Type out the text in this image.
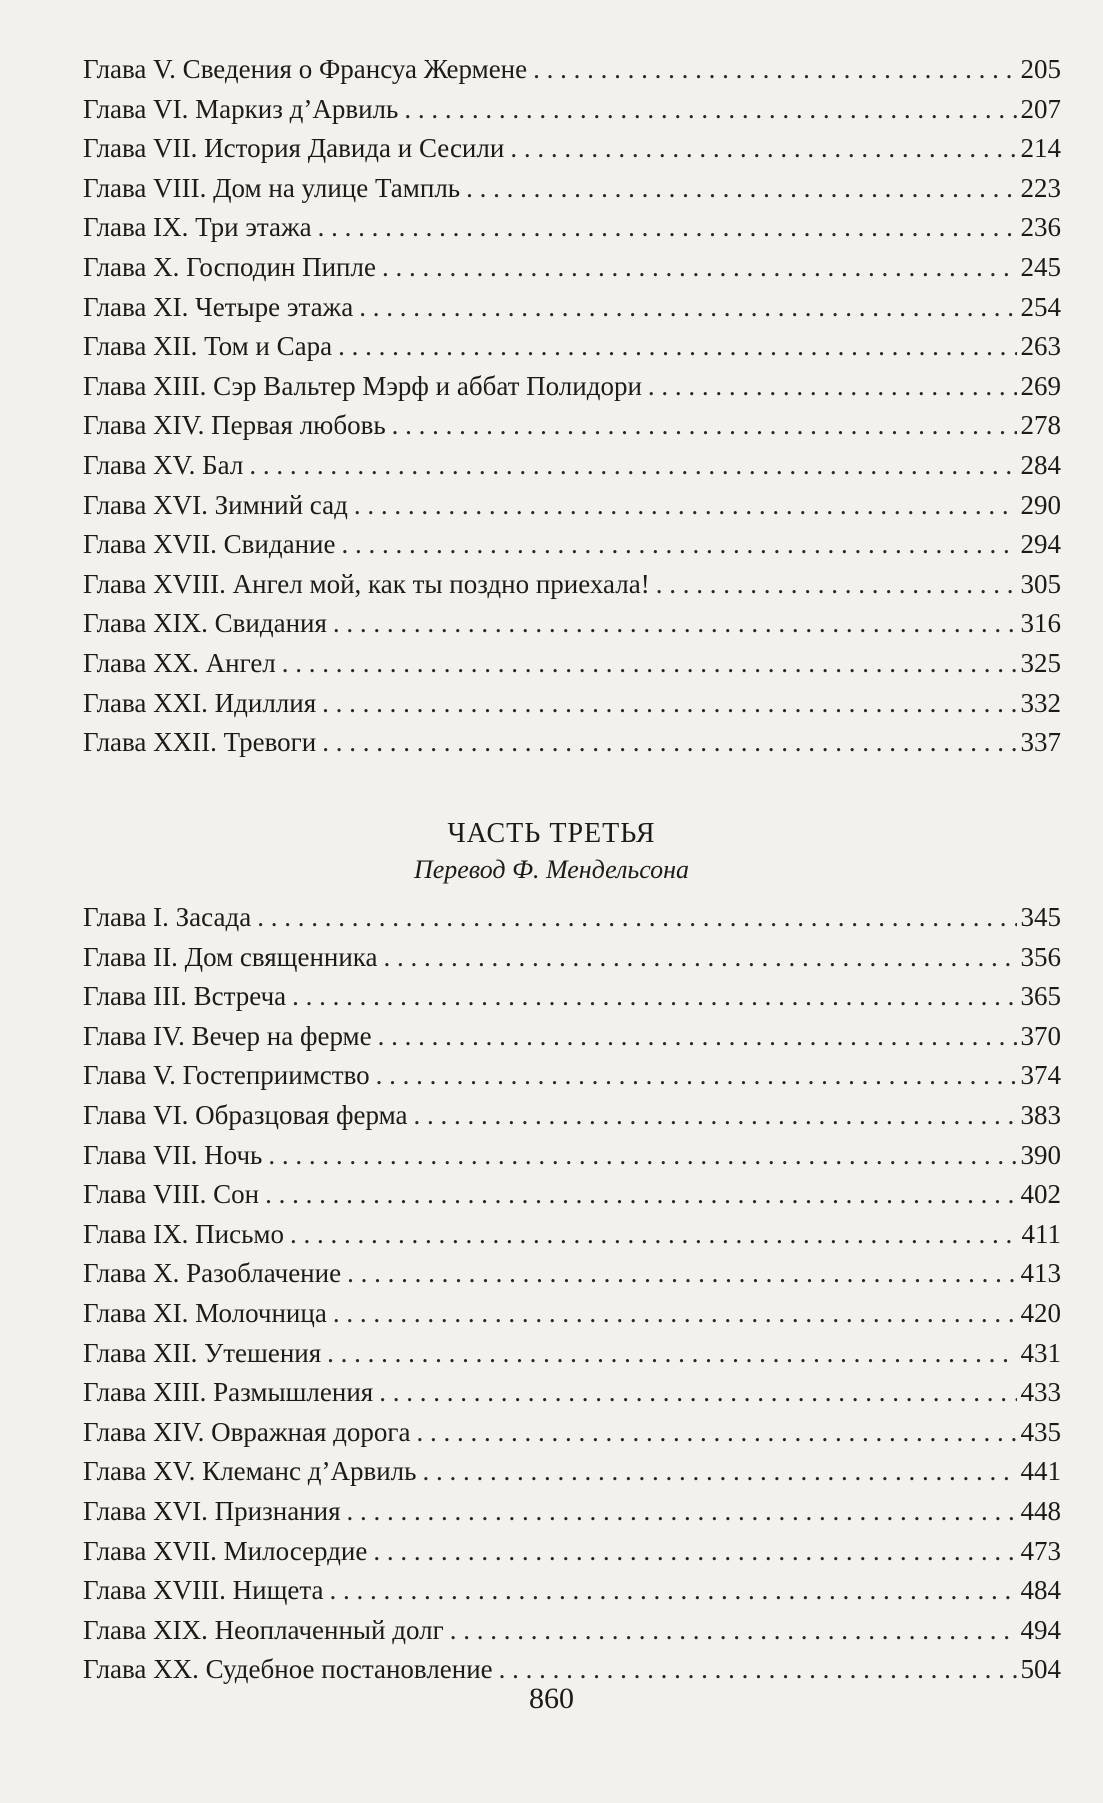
Глава V. Сведения о Франсуа Жермене . . .	205
Глава VI. Маркиз д’Арвиль . . .	207
Глава VII. История Давида и Сесили . . .	214
Глава VIII. Дом на улице Тампль . . .	223
Глава IX. Три этажа . . .	236
Глава X. Господин Пипле . . .	245
Глава XI. Четыре этажа . . .	254
Глава XII. Том и Сара . . .	263
Глава XIII. Сэр Вальтер Мэрф и аббат Полидори . . .	269
Глава XIV. Первая любовь . . .	278
Глава XV. Бал . . .	284
Глава XVI. Зимний сад . . .	290
Глава XVII. Свидание . . .	294
Глава XVIII. Ангел мой, как ты поздно приехала! . . .	305
Глава XIX. Свидания . . .	316
Глава XX. Ангел . . .	325
Глава XXI. Идиллия . . .	332
Глава XXII. Тревоги . . .	337
ЧАСТЬ ТРЕТЬЯ
Перевод Ф. Мендельсона
Глава I. Засада . . .	345
Глава II. Дом священника . . .	356
Глава III. Встреча . . .	365
Глава IV. Вечер на ферме . . .	370
Глава V. Гостеприимство . . .	374
Глава VI. Образцовая ферма . . .	383
Глава VII. Ночь . . .	390
Глава VIII. Сон . . .	402
Глава IX. Письмо . . .	411
Глава X. Разоблачение . . .	413
Глава XI. Молочница . . .	420
Глава XII. Утешения . . .	431
Глава XIII. Размышления . . .	433
Глава XIV. Овражная дорога . . .	435
Глава XV. Клеманс д’Арвиль . . .	441
Глава XVI. Признания . . .	448
Глава XVII. Милосердие . . .	473
Глава XVIII. Нищета . . .	484
Глава XIX. Неоплаченный долг . . .	494
Глава XX. Судебное постановление . . .	504
860
